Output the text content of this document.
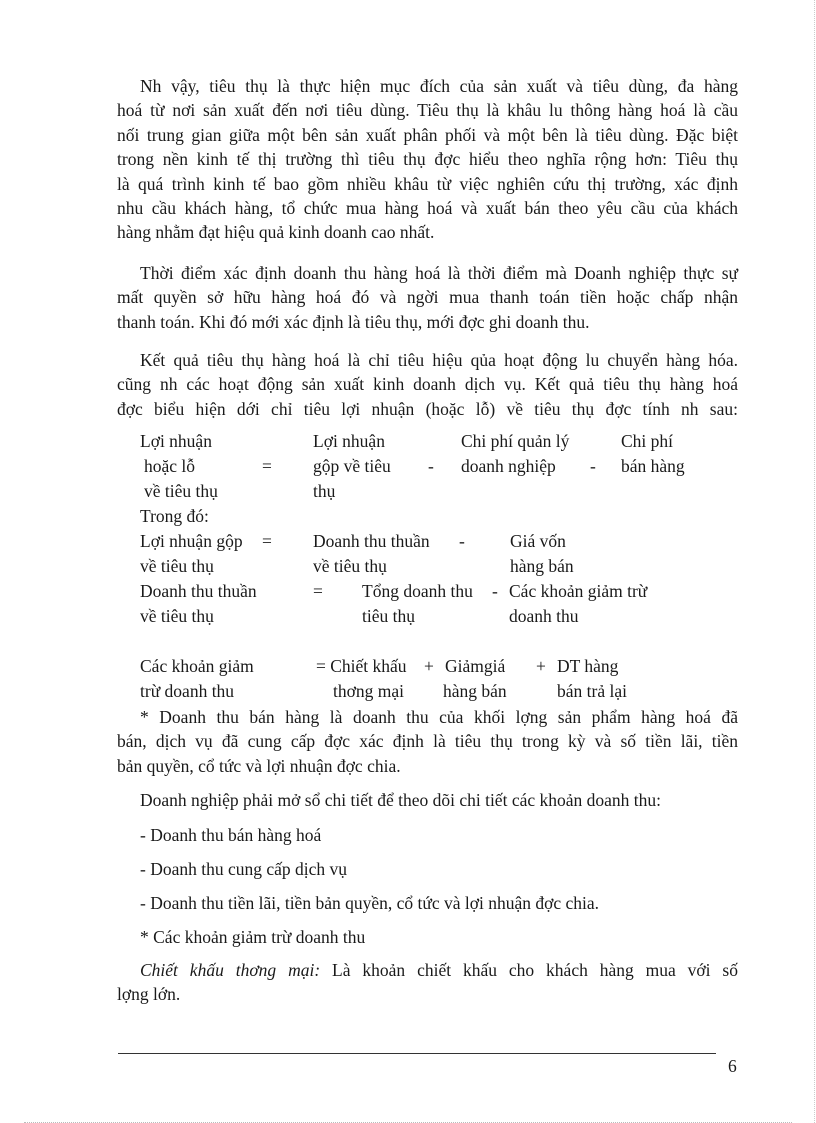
Nh vậy, tiêu thụ là thực hiện mục đích của sản xuất và tiêu dùng, đa hàng
hoá từ nơi sản xuất đến nơi tiêu dùng. Tiêu thụ là khâu lu thông hàng hoá là cầu
nối trung gian giữa một bên sản xuất phân phối và một bên là tiêu dùng. Đặc biệt
trong nền kinh tế thị trường thì tiêu thụ đợc hiểu theo nghĩa rộng hơn: Tiêu thụ
là quá trình kinh tế bao gồm nhiều khâu từ việc nghiên cứu thị trường, xác định
nhu cầu khách hàng, tổ chức mua hàng hoá và xuất bán theo yêu cầu của khách
hàng nhằm đạt hiệu quả kinh doanh cao nhất.
Thời điểm xác định doanh thu hàng hoá là thời điểm mà Doanh nghiệp thực sự
mất quyền sở hữu hàng hoá đó và ngời mua thanh toán tiền hoặc chấp nhận
thanh toán. Khi đó mới xác định là tiêu thụ, mới đợc ghi doanh thu.
Kết quả tiêu thụ hàng hoá là chỉ tiêu hiệu qủa hoạt động lu chuyển hàng hóa.
cũng nh các hoạt động sản xuất kinh doanh dịch vụ. Kết quả tiêu thụ hàng hoá
đợc biểu hiện dới chỉ tiêu lợi nhuận (hoặc lỗ) về tiêu thụ đợc tính nh sau:
Lợi nhuận
hoặc lỗ
về tiêu thụ
=
Lợi nhuận
gộp về tiêu
thụ
-
Chi phí quản lý
doanh nghiệp -
Chi phí
bán hàng
Trong đó:
Lợi nhuận gộp
về tiêu thụ
= Doanh thu thuần
về tiêu thụ
-	Giá vốn
hàng bán
Doanh thu thuần
về tiêu thụ
= Tổng doanh thu
tiêu thụ
- Các khoản giảm trừ
doanh thu
Các khoản giảm
trừ doanh thu
= Chiết khấu
thơng mại
+ Giảmgiá
hàng bán
+ DT hàng
bán trả lại
* Doanh thu bán hàng là doanh thu của khối lợng sản phẩm hàng hoá đã
bán, dịch vụ đã cung cấp đợc xác định là tiêu thụ trong kỳ và số tiền lãi, tiền
bản quyền, cổ tức và lợi nhuận đợc chia.
Doanh nghiệp phải mở sổ chi tiết để theo dõi chi tiết các khoản doanh thu:
- Doanh thu bán hàng hoá
- Doanh thu cung cấp dịch vụ
- Doanh thu tiền lãi, tiền bản quyền, cổ tức và lợi nhuận đợc chia.
* Các khoản giảm trừ doanh thu
Chiết khấu thơng mại: Là khoản chiết khấu cho khách hàng mua với số
lợng lớn.
6
